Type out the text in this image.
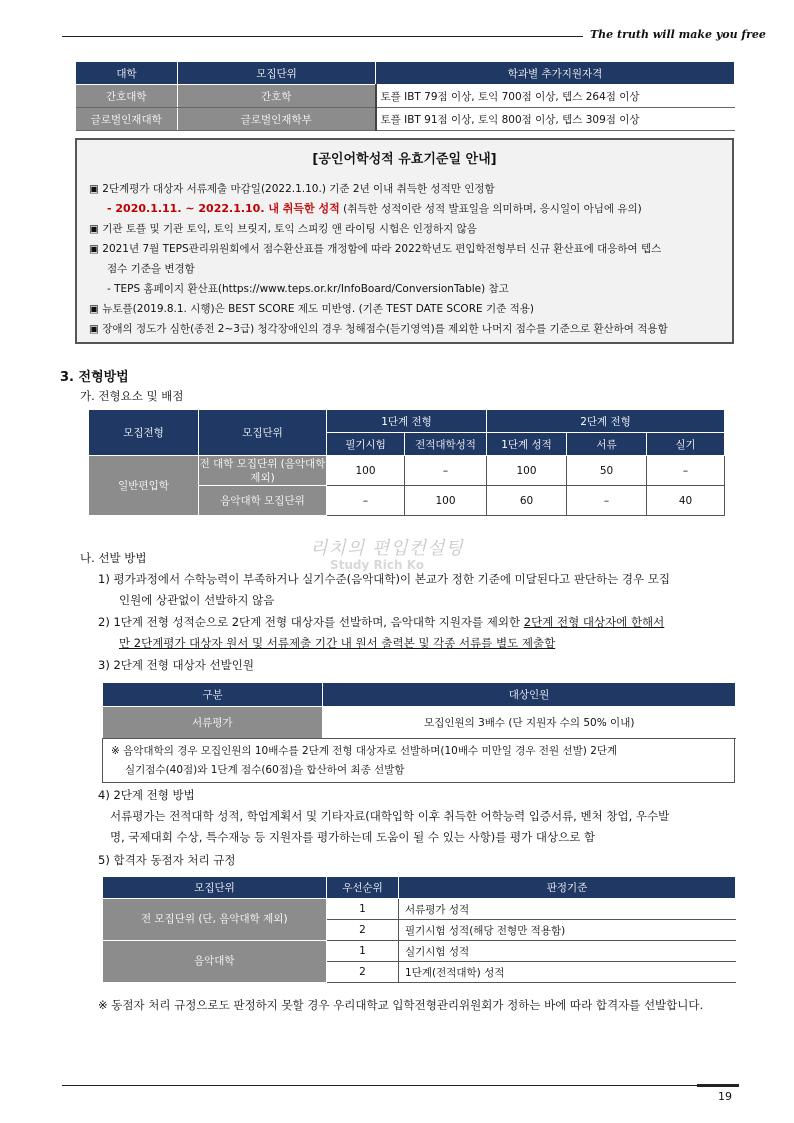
The truth will make you free
대학	모집단위	학과별 추가지원자격
간호대학	간호학	토플 IBT 79점 이상, 토익 700점 이상, 텝스 264점 이상
글로벌인재대학	글로벌인재학부	토플 IBT 91점 이상, 토익 800점 이상, 텝스 309점 이상
[공인어학성적 유효기준일 안내]

▣ 2단계평가 대상자 서류제출 마감일(2022.1.10.) 기준 2년 이내 취득한 성적만 인정함

- 2020.1.11. ~ 2022.1.10. 내 취득한 성적 (취득한 성적이란 성적 발표일을 의미하며, 응시일이 아님에 유의)

▣ 기관 토플 및 기관 토익, 토익 브릿지, 토익 스피킹 앤 라이팅 시험은 인정하지 않음

▣ 2021년 7월 TEPS관리위원회에서 점수환산표를 개정함에 따라 2022학년도 편입학전형부터 신규 환산표에 대응하여 텝스

점수 기준을 변경함

- TEPS 홈페이지 환산표(https://www.teps.or.kr/InfoBoard/ConversionTable) 참고

▣ 뉴토플(2019.8.1. 시행)은 BEST SCORE 제도 미반영. (기존 TEST DATE SCORE 기준 적용)

▣ 장애의 정도가 심한(종전 2~3급) 청각장애인의 경우 청해점수(듣기영역)를 제외한 나머지 점수를 기준으로 환산하여 적용함

3. 전형방법
가. 전형요소 및 배점
모집전형	모집단위	1단계 전형		2단계 전형		
		필기시험	전적대학성적	1단계 성적	서류	실기
일반편입학	전 대학 모집단위 (음악대학 제외)	100	–	100	50	–
	음악대학 모집단위	–	100	60	–	40
리치의 편입컨설팅
Study Rich Ko
나. 선발 방법
1) 평가과정에서 수학능력이 부족하거나 실기수준(음악대학)이 본교가 정한 기준에 미달된다고 판단하는 경우 모집
인원에 상관없이 선발하지 않음
2) 1단계 전형 성적순으로 2단계 전형 대상자를 선발하며, 음악대학 지원자를 제외한 2단계 전형 대상자에 한해서
만 2단계평가 대상자 원서 및 서류제출 기간 내 원서 출력본 및 각종 서류를 별도 제출함
3) 2단계 전형 대상자 선발인원
구분	대상인원
서류평가	모집인원의 3배수 (단 지원자 수의 50% 이내)
※ 음악대학의 경우 모집인원의 10배수를 2단계 전형 대상자로 선발하며(10배수 미만일 경우 전원 선발) 2단계
실기점수(40점)와 1단계 점수(60점)을 합산하여 최종 선발함
4) 2단계 전형 방법
서류평가는 전적대학 성적, 학업계획서 및 기타자료(대학입학 이후 취득한 어학능력 입증서류, 벤처 창업, 우수발
명, 국제대회 수상, 특수재능 등 지원자를 평가하는데 도움이 될 수 있는 사항)를 평가 대상으로 함
5) 합격자 동점자 처리 규정
모집단위	우선순위	판정기준
전 모집단위 (단, 음악대학 제외)	1	서류평가 성적
	2	필기시험 성적(해당 전형만 적용함)
음악대학	1	실기시험 성적
	2	1단계(전적대학) 성적
※ 동점자 처리 규정으로도 판정하지 못할 경우 우리대학교 입학전형관리위원회가 정하는 바에 따라 합격자를 선발합니다.
19
